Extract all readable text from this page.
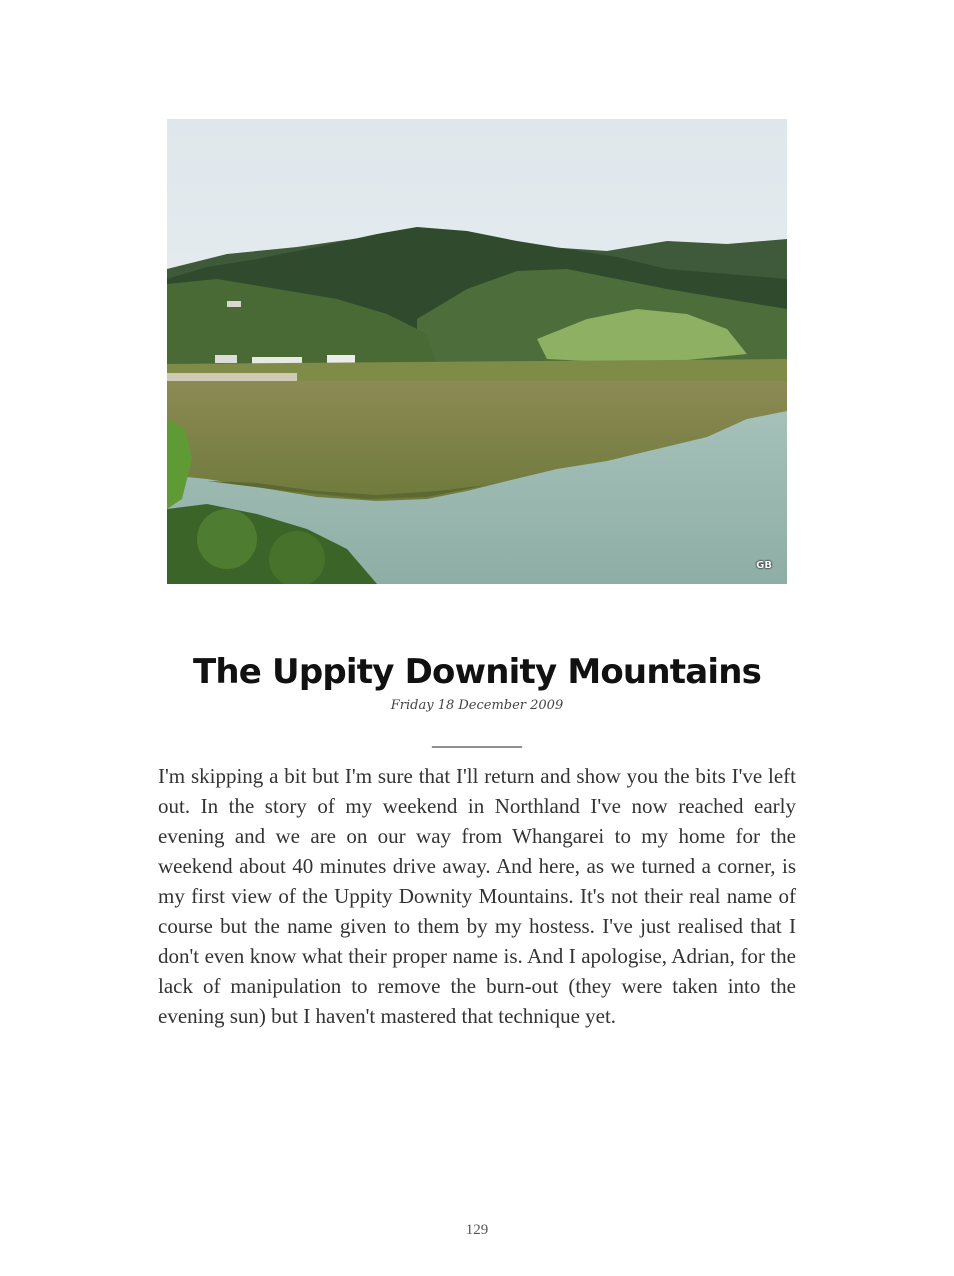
GB
The Uppity Downity Mountains
Friday 18 December 2009
_________

I'm skipping a bit but I'm sure that I'll return and show you the bits I've left out. In the story of my weekend in Northland I've now reached early evening and we are on our way from Whangarei to my home for the weekend about 40 minutes drive away. And here, as we turned a corner, is my first view of the Uppity Downity Mountains. It's not their real name of course but the name given to them by my hostess. I've just realised that I don't even know what their proper name is. And I apologise, Adrian, for the lack of manipulation to remove the burn-out (they were taken into the evening sun) but I haven't mastered that technique yet.

129
